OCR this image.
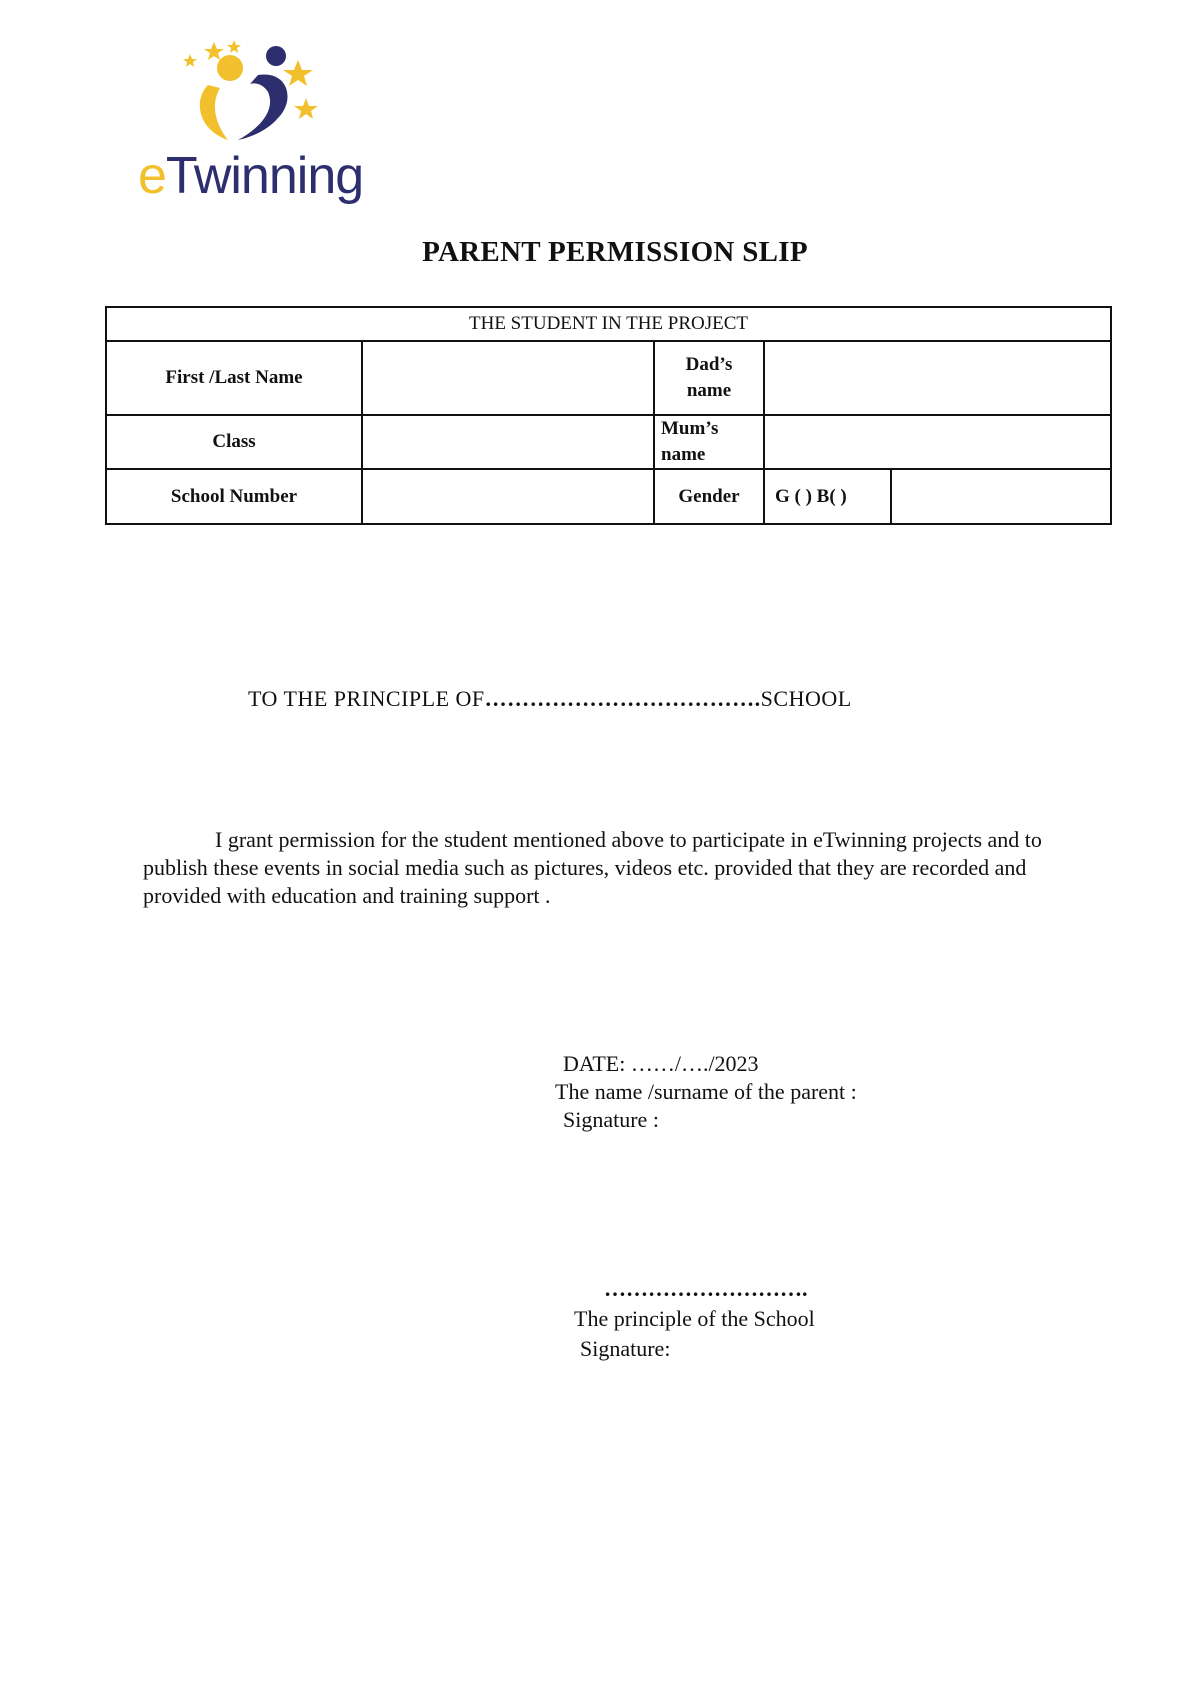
eTwinning
PARENT PERMISSION SLIP
THE STUDENT IN THE PROJECT			
First /Last Name		Dad’s
name	

Class		Mum’s
name	

School Number		Gender	G ( ) B( )
TO THE PRINCIPLE OF……………………………….SCHOOL
I grant permission for the student mentioned above to participate in eTwinning projects and to publish these events in social media such as pictures, videos etc. provided that they are recorded and provided with education and training support .
DATE: ……/…./2023
The name /surname of the parent :
Signature :
……………………….
The principle of the School
Signature:
